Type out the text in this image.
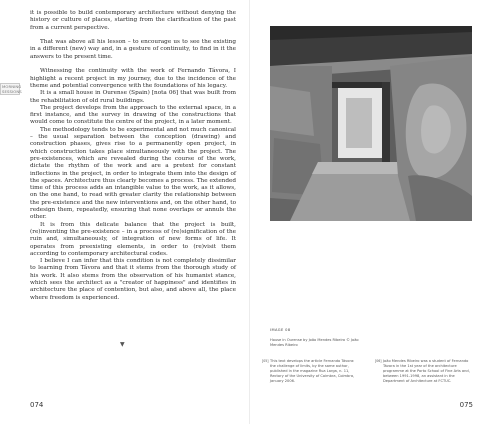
MORNING SESSIONS

it is possible to build contemporary architecture without denying the history or culture of places, starting from the clarification of the past from a current perspective.

That was above all his lesson – to encourage us to see the existing in a different (new) way and, in a gesture of continuity, to find in it the answers to the present time.

Witnessing the continuity with the work of Fernando Távora, I highlight a recent project in my journey, due to the incidence of the theme and potential convergence with the foundations of his legacy.

It is a small house in Ourense (Spain) [nota 06] that was built from the rehabilitation of old rural buildings.

The project develops from the approach to the external space, in a first instance, and the survey in drawing of the constructions that would come to constitute the centre of the project, in a later moment.

The methodology tends to be experimental and not much canonical – the usual separation between the conception (drawing) and construction phases, gives rise to a permanently open project, in which construction takes place simultaneously with the project. The pre-existences, which are revealed during the course of the work, dictate the rhythm of the work and are a pretext for constant inflections in the project, in order to integrate them into the design of the spaces. Architecture thus clearly becomes a process. The extended time of this process adds an intangible value to the work, as it allows, on the one hand, to read with greater clarity the relationship between the pre-existence and the new interventions and, on the other hand, to redesign them, repeatedly, ensuring that none overlaps or annuls the other.

It is from this delicate balance that the project is built, (re)inventing the pre-existence – in a process of (re)signification of the ruin and, simultaneously, of integration of new forms of life. It operates from preexisting elements, in order to (re)visit them according to contemporary architectural codes.

I believe I can infer that this condition is not completely dissimilar to learning from Távora and that it stems from the thorough study of his work. It also stems from the observation of his humanist stance, which sees the architect as a "creator of happiness" and identifies in architecture the place of contention, but also, and above all, the place where freedom is experienced.

▼
074
IMAGE 08
House in Ourense by João Mendes Ribeiro © João Mendes Ribeiro
[05] This text develops the article Fernando Távora: the challenge of limits, by the same author, published in the magazine Rua Larga, n. 11, Rectory of the University of Coimbra, Coimbra, January 2006.
[06] João Mendes Ribeiro was a student of Fernando Távora in the 1st year of the architecture programme at the Porto School of Fine Arts and, between 1991-1998, an assistant in the Department of Architecture at FCTUC.
075
